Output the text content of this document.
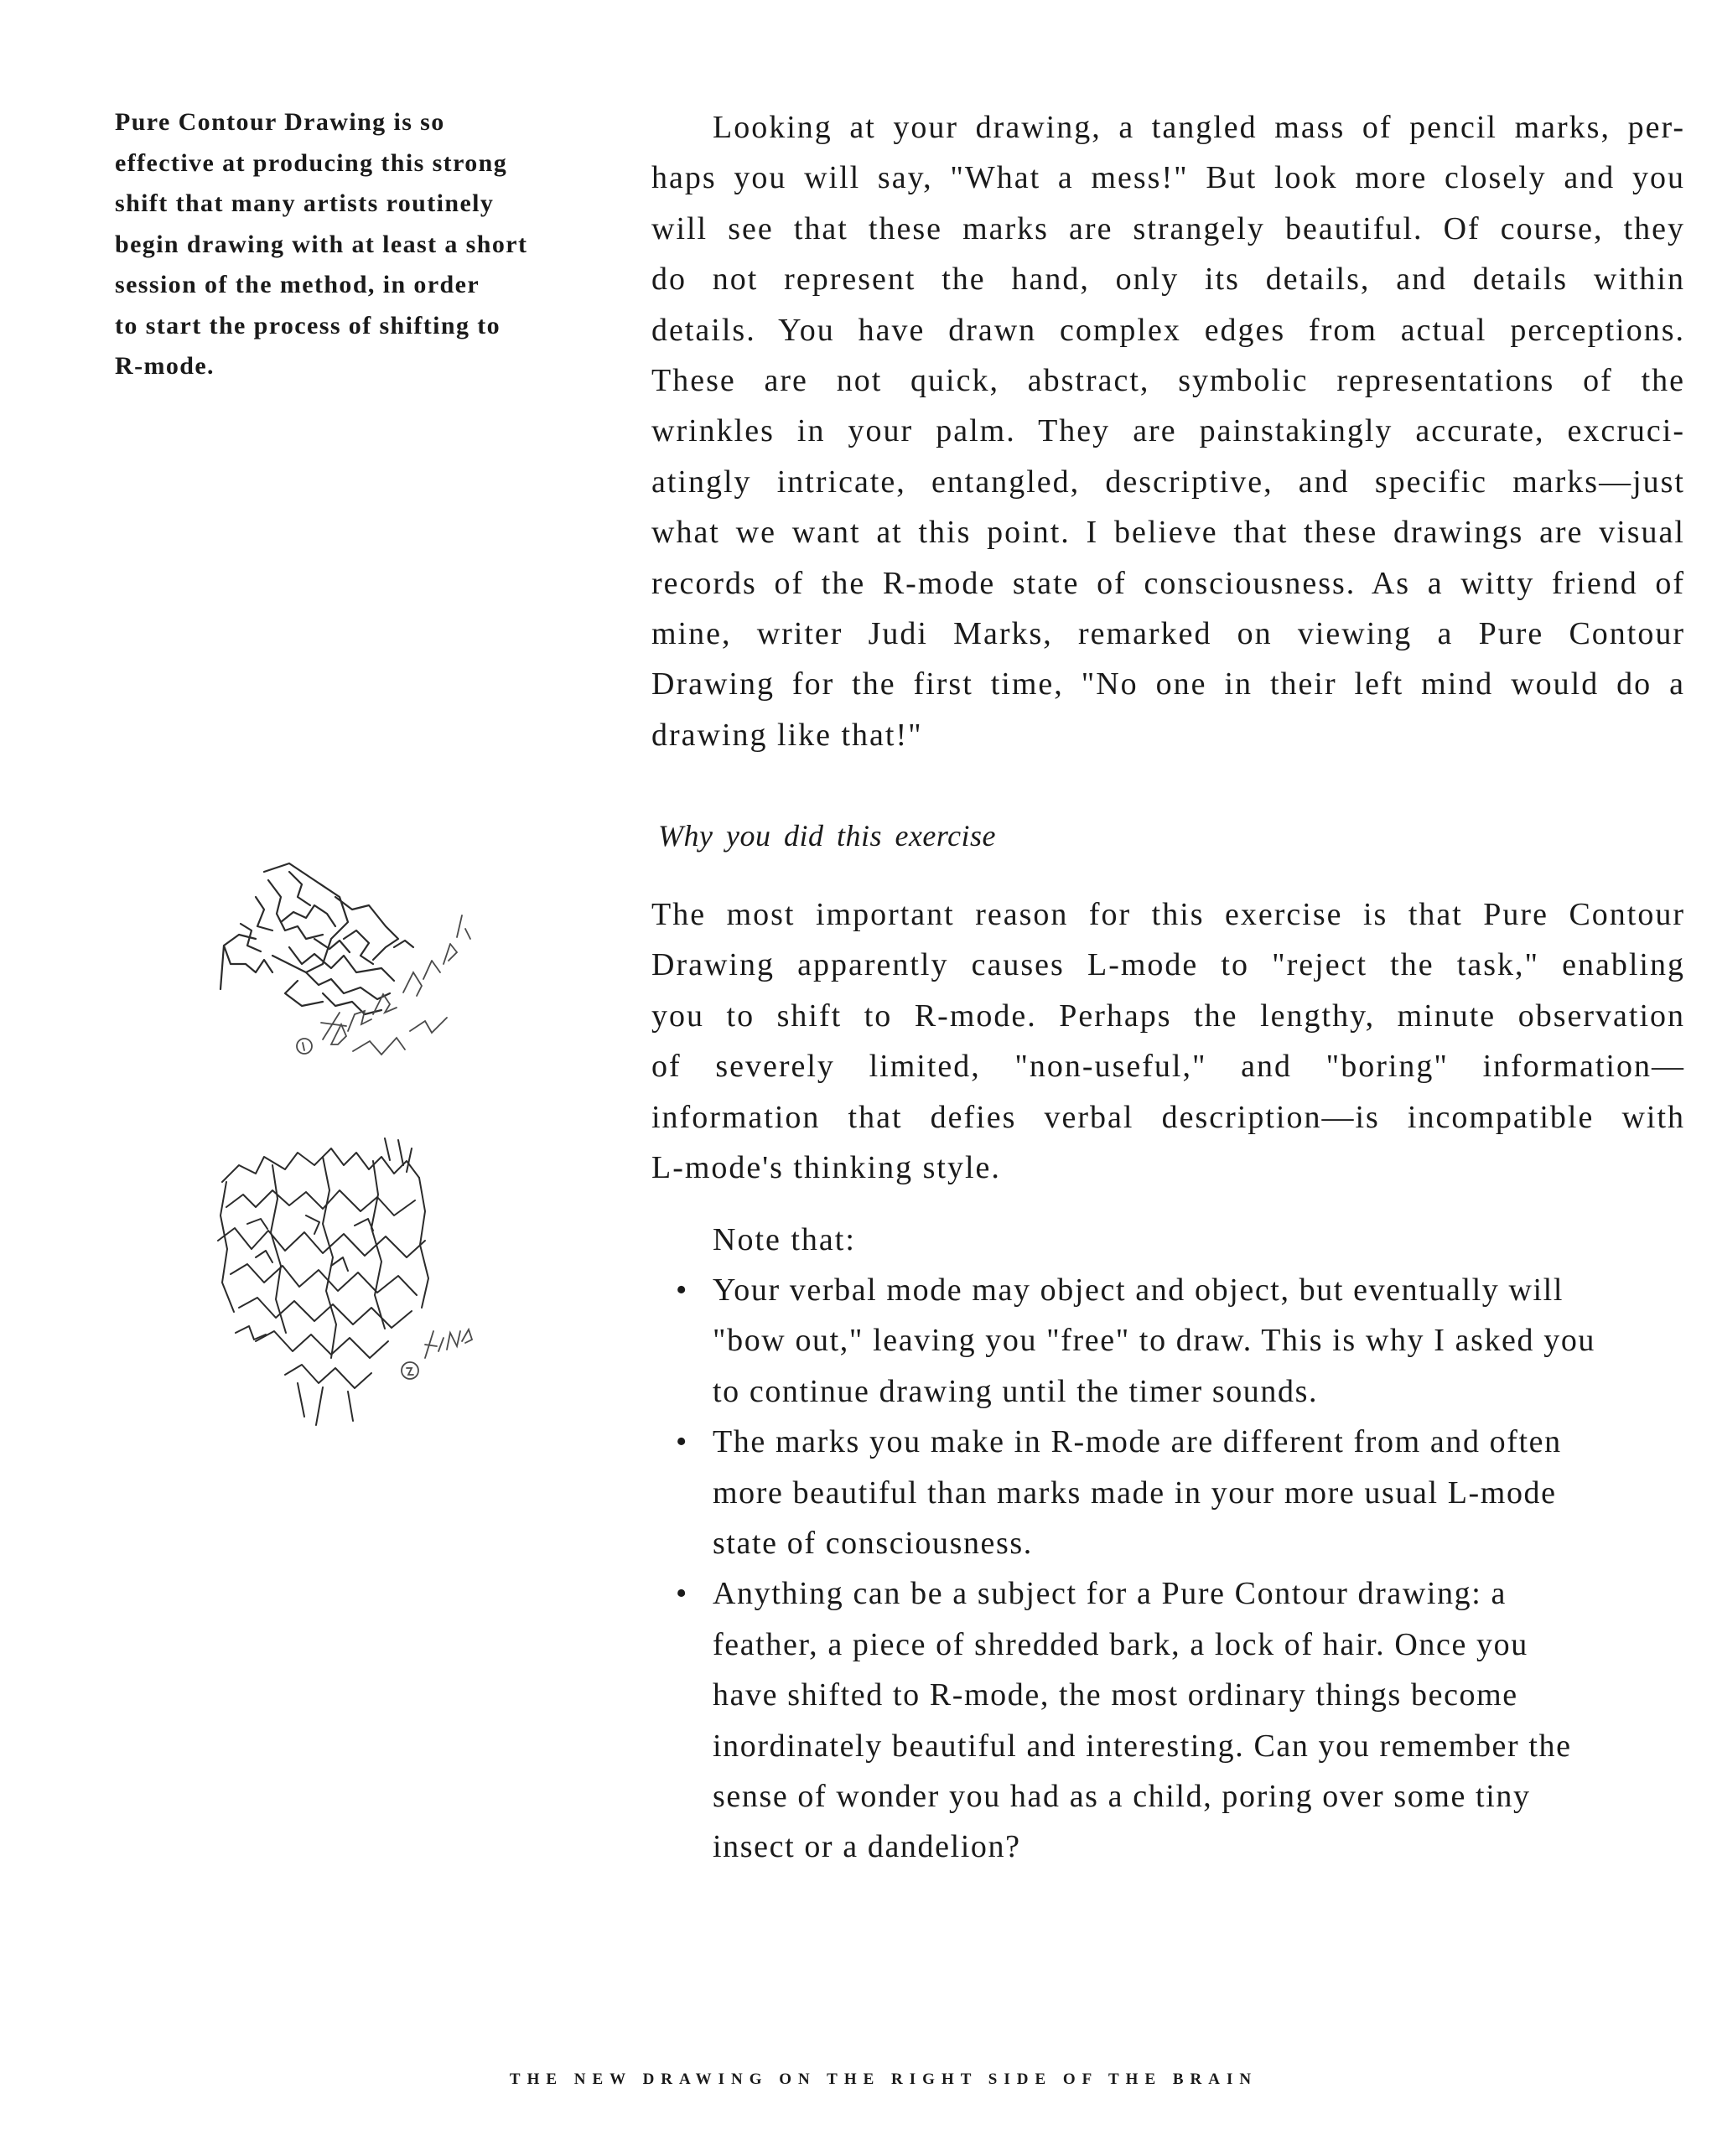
Pure Contour Drawing is so
effective at producing this strong
shift that many artists routinely
begin drawing with at least a short
session of the method, in order
to start the process of shifting to
R-mode.

Looking at your drawing, a tangled mass of pencil marks, per-
haps you will say, "What a mess!" But look more closely and you
will see that these marks are strangely beautiful. Of course, they
do not represent the hand, only its details, and details within
details. You have drawn complex edges from actual perceptions.
These are not quick, abstract, symbolic representations of the
wrinkles in your palm. They are painstakingly accurate, excruci-
atingly intricate, entangled, descriptive, and specific marks—just
what we want at this point. I believe that these drawings are visual
records of the R-mode state of consciousness. As a witty friend of
mine, writer Judi Marks, remarked on viewing a Pure Contour
Drawing for the first time, "No one in their left mind would do a
drawing like that!"
Why you did this exercise
The most important reason for this exercise is that Pure Contour
Drawing apparently causes L-mode to "reject the task," enabling
you to shift to R-mode. Perhaps the lengthy, minute observation
of severely limited, "non-useful," and "boring" information—
information that defies verbal description—is incompatible with
L-mode's thinking style.

Note that:

• Your verbal mode may object and object, but eventually will
"bow out," leaving you "free" to draw. This is why I asked you
to continue drawing until the timer sounds.
• The marks you make in R-mode are different from and often
more beautiful than marks made in your more usual L-mode
state of consciousness.
• Anything can be a subject for a Pure Contour drawing: a
feather, a piece of shredded bark, a lock of hair. Once you
have shifted to R-mode, the most ordinary things become
inordinately beautiful and interesting. Can you remember the
sense of wonder you had as a child, poring over some tiny
insect or a dandelion?

THE NEW DRAWING ON THE RIGHT SIDE OF THE BRAIN
